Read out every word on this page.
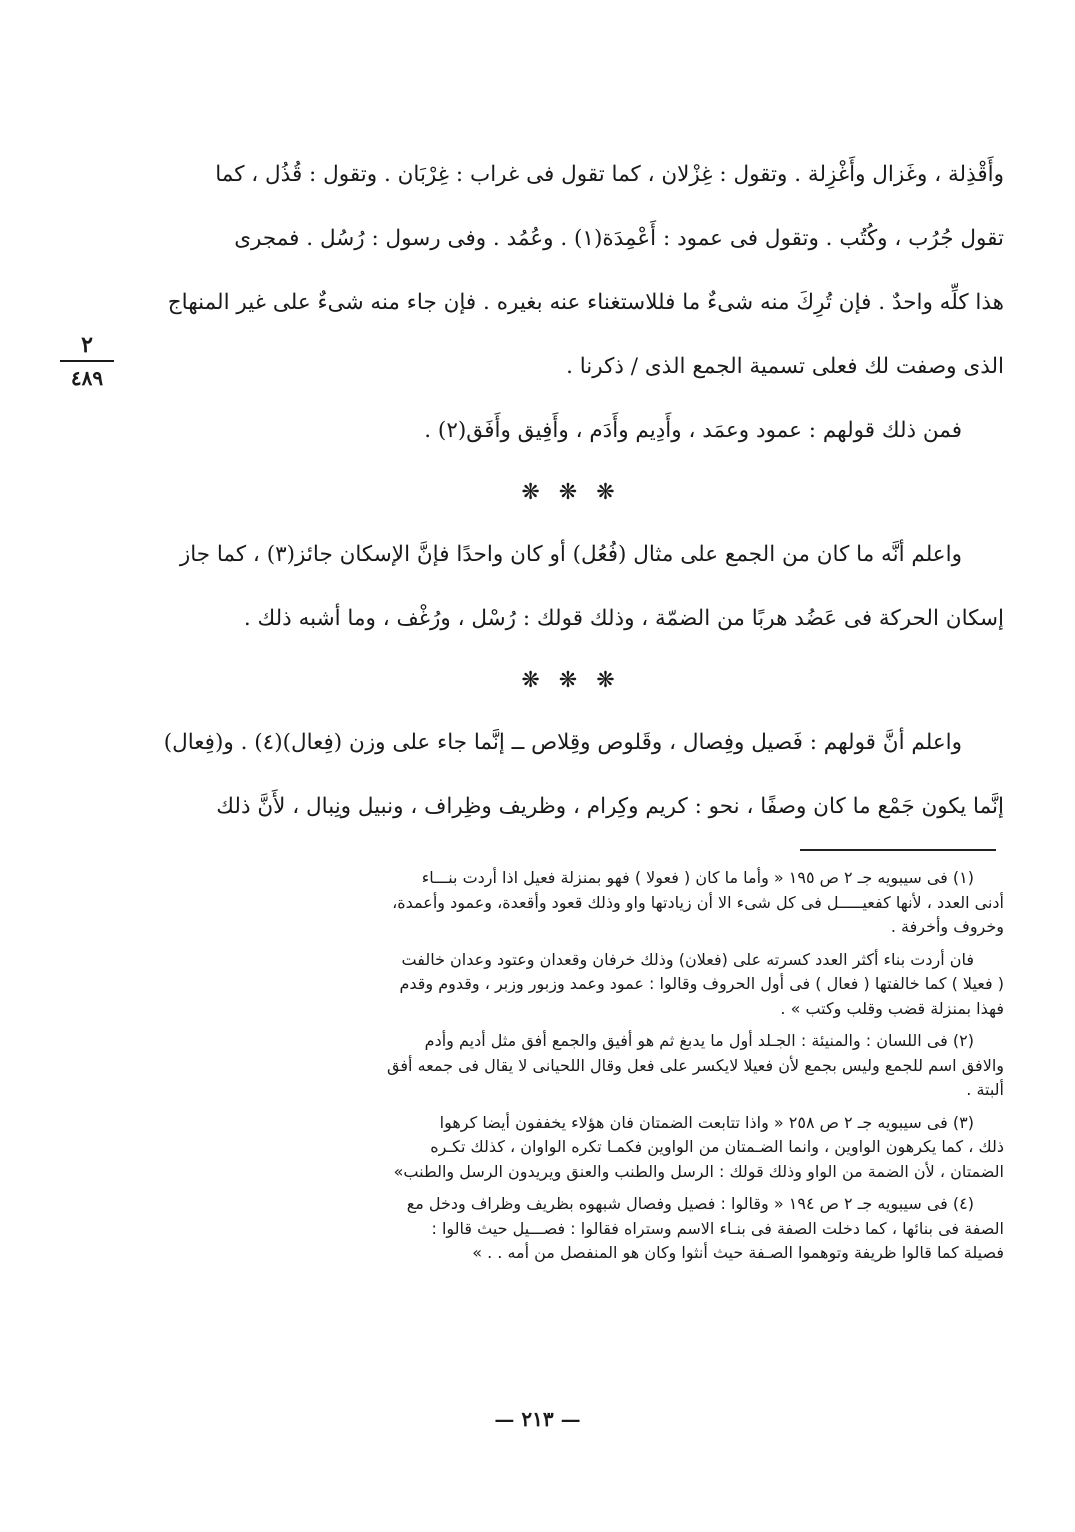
٢
٤٨٩
وأَقْذِلة ، وغَزال وأَغْزِلة . وتقول : غِزْلان ، كما تقول فى غراب : غِرْبَان . وتقول : قُذُل ، كما
تقول جُرُب ، وكُتُب . وتقول فى عمود : أَعْمِدَة(١) . وعُمُد . وفى رسول : رُسُل . فمجرى
هذا كلِّه واحدٌ . فإن تُرِكَ منه شىءٌ ما فللاستغناء عنه بغيره . فإن جاء منه شىءٌ على غير المنهاج
الذى وصفت لك فعلى تسمية الجمع الذى / ذكرنا .
فمن ذلك قولهم : عمود وعمَد ، وأَدِيم وأَدَم ، وأَفِيق وأَفَق(٢) .
❋ ❋ ❋
واعلم أنَّه ما كان من الجمع على مثال (فُعُل) أو كان واحدًا فإنَّ الإسكان جائز(٣) ، كما جاز
إسكان الحركة فى عَضُد هربًا من الضمّة ، وذلك قولك : رُسْل ، ورُغْف ، وما أشبه ذلك .
❋ ❋ ❋
واعلم أنَّ قولهم : فَصيل وفِصال ، وقَلوص وقِلاص ــ إنَّما جاء على وزن (فِعال)(٤) . و(فِعال)
إنَّما يكون جَمْع ما كان وصفًا ، نحو : كريم وكِرام ، وظريف وظِراف ، ونبيل ونِبال ، لأَنَّ ذلك
(١) فى سيبويه جـ ٢ ص ١٩٥ « وأما ما كان ( فعولا ) فهو بمنزلة فعيل اذا أردت بنـــاء
أدنى العدد ، لأنها كفعيـــــل فى كل شىء الا أن زيادتها واو وذلك قعود وأقعدة، وعمود وأعمدة،
وخروف وأخرفة .
فان أردت بناء أكثر العدد كسرته على (فعلان) وذلك خرفان وقعدان وعتود وعدان خالفت
( فعيلا ) كما خالفتها ( فعال ) فى أول الحروف وقالوا : عمود وعمد وزبور وزبر ، وقدوم وقدم
فهذا بمنزلة قضب وقلب وكتب » .
(٢) فى اللسان : والمنيئة : الجـلد أول ما يدبغ ثم هو أفيق والجمع أفق مثل أديم وأدم
والافق اسم للجمع وليس بجمع لأن فعيلا لايكسر على فعل وقال اللحيانى لا يقال فى جمعه أفق
ألبتة .
(٣) فى سيبويه جـ ٢ ص ٢٥٨ « واذا تتابعت الضمتان فان هؤلاء يخففون أيضا كرهوا
ذلك ، كما يكرهون الواوين ، وانما الضـمتان من الواوين فكمـا تكره الواوان ، كذلك تكـره
الضمتان ، لأن الضمة من الواو وذلك قولك : الرسل والطنب والعنق ويريدون الرسل والطنب»
(٤) فى سيبويه جـ ٢ ص ١٩٤ « وقالوا : فصيل وفصال شبهوه بظريف وظراف ودخل مع
الصفة فى بنائها ، كما دخلت الصفة فى بنـاء الاسم وستراه فقالوا : فصـــيل حيث قالوا :
فصيلة كما قالوا ظريفة وتوهموا الصـفة حيث أنثوا وكان هو المنفصل من أمه . . »
— ٢١٣ —
